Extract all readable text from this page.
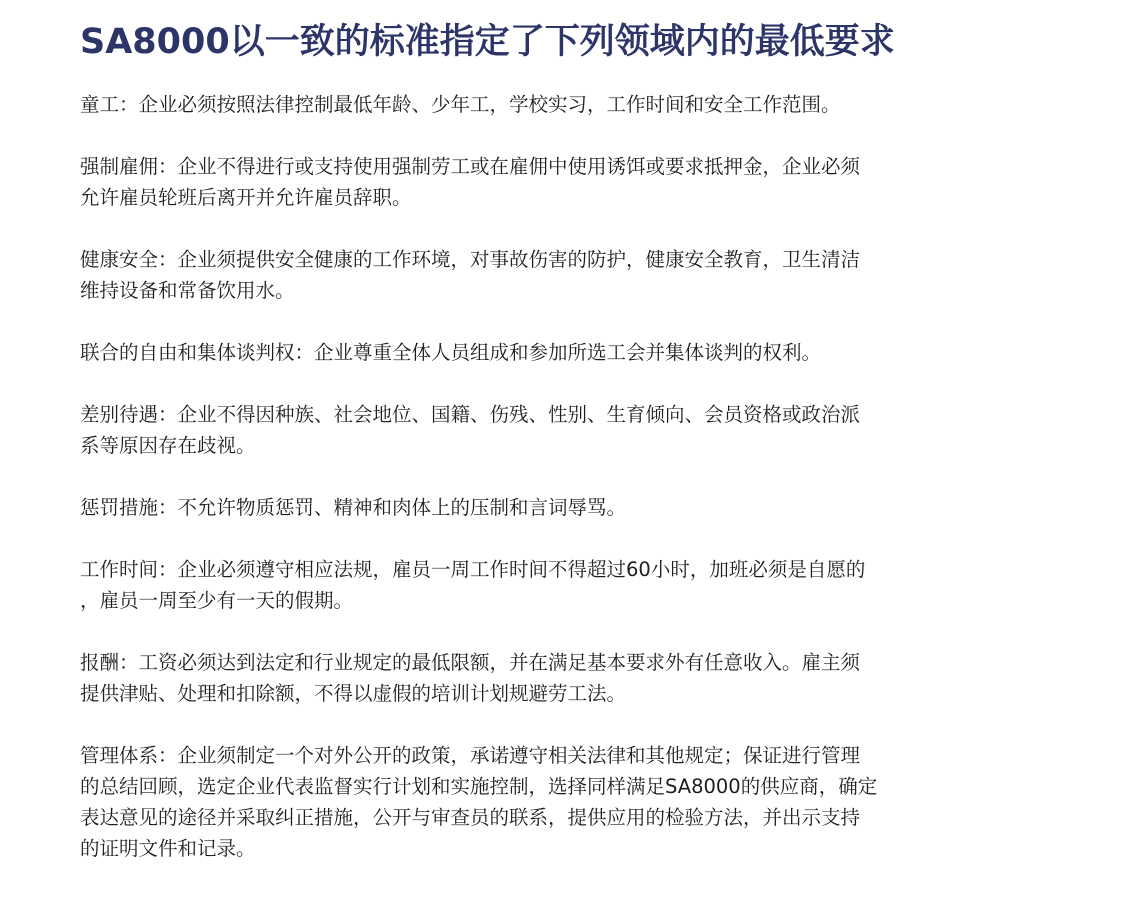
SA8000以一致的标准指定了下列领域内的最低要求
童工：企业必须按照法律控制最低年龄、少年工，学校实习，工作时间和安全工作范围。
强制雇佣：企业不得进行或支持使用强制劳工或在雇佣中使用诱饵或要求抵押金，企业必须
允许雇员轮班后离开并允许雇员辞职。
健康安全：企业须提供安全健康的工作环境，对事故伤害的防护，健康安全教育，卫生清洁
维持设备和常备饮用水。
联合的自由和集体谈判权：企业尊重全体人员组成和参加所选工会并集体谈判的权利。
差别待遇：企业不得因种族、社会地位、国籍、伤残、性别、生育倾向、会员资格或政治派
系等原因存在歧视。
惩罚措施：不允许物质惩罚、精神和肉体上的压制和言词辱骂。
工作时间：企业必须遵守相应法规，雇员一周工作时间不得超过60小时，加班必须是自愿的
，雇员一周至少有一天的假期。
报酬：工资必须达到法定和行业规定的最低限额，并在满足基本要求外有任意收入。雇主须
提供津贴、处理和扣除额，不得以虚假的培训计划规避劳工法。
管理体系：企业须制定一个对外公开的政策，承诺遵守相关法律和其他规定；保证进行管理
的总结回顾，选定企业代表监督实行计划和实施控制，选择同样满足SA8000的供应商，确定
表达意见的途径并采取纠正措施，公开与审查员的联系，提供应用的检验方法，并出示支持
的证明文件和记录。
